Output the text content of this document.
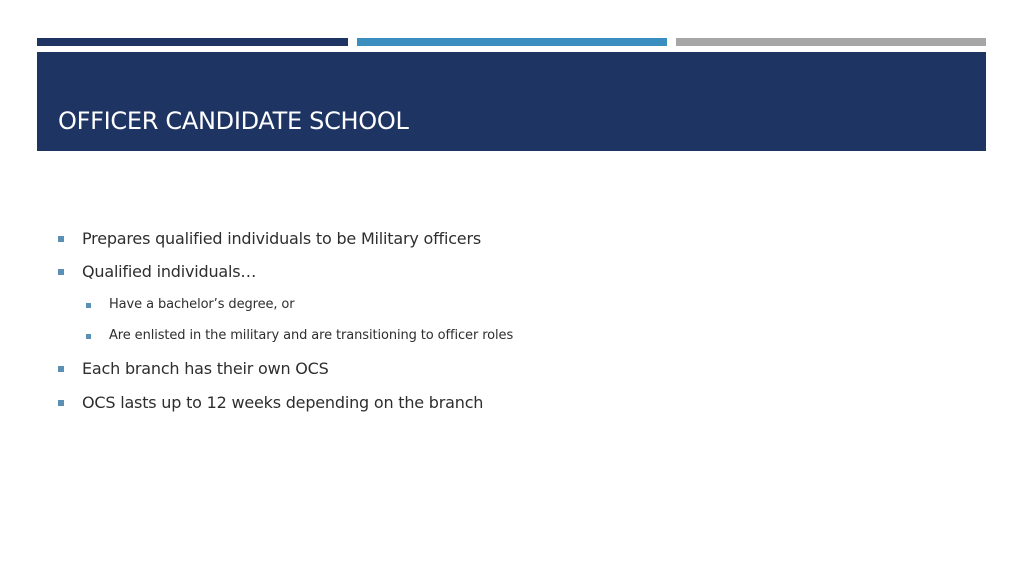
OFFICER CANDIDATE SCHOOL
Prepares qualified individuals to be Military officers
Qualified individuals…
Have a bachelor’s degree, or
Are enlisted in the military and are transitioning to officer roles
Each branch has their own OCS
OCS lasts up to 12 weeks depending on the branch
